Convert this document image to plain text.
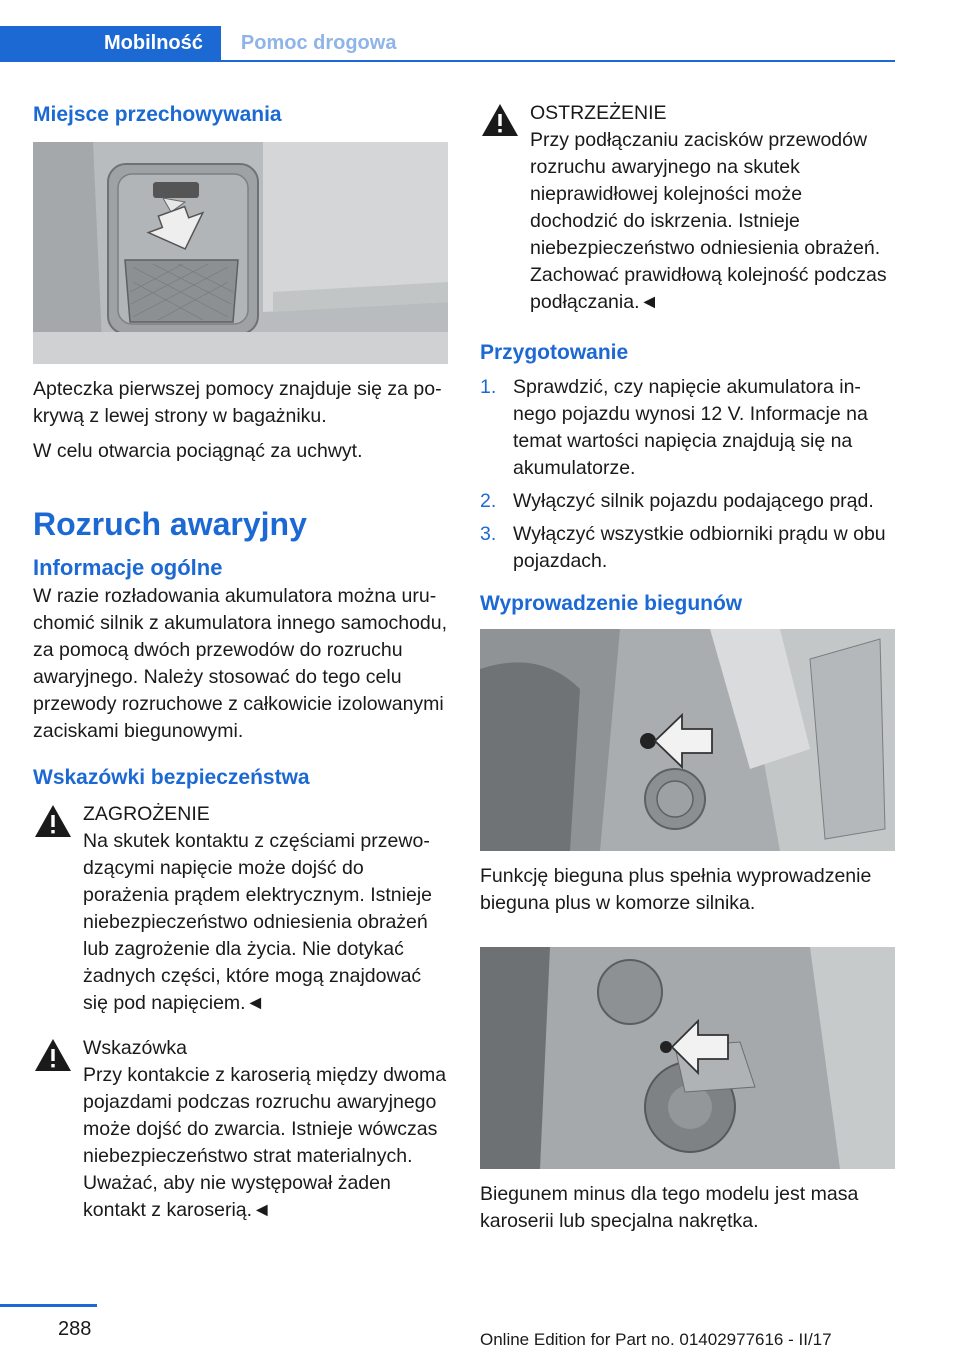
Mobilność	Pomoc drogowa
Miejsce przechowywania

Apteczka pierwszej pomocy znajduje się za pokrywą z lewej strony w bagażniku.

W celu otwarcia pociągnąć za uchwyt.

Rozruch awaryjny
Informacje ogólne

W razie rozładowania akumulatora można uruchomić silnik z akumulatora innego samochodu, za pomocą dwóch przewodów do rozruchu awaryjnego. Należy stosować do tego celu przewody rozruchowe z całkowicie izolowanymi zaciskami biegunowymi.

Wskazówki bezpieczeństwa
ZAGROŻENIE
Na skutek kontaktu z częściami przewodzącymi napięcie może dojść do porażenia prądem elektrycznym. Istnieje niebezpieczeństwo odniesienia obrażeń lub zagrożenie dla życia. Nie dotykać żadnych części, które mogą znajdować się pod napięciem.◄
Wskazówka
Przy kontakcie z karoserią między dwoma pojazdami podczas rozruchu awaryjnego może dojść do zwarcia. Istnieje wówczas niebezpieczeństwo strat materialnych. Uważać, aby nie występował żaden kontakt z karoserią.◄
OSTRZEŻENIE
Przy podłączaniu zacisków przewodów rozruchu awaryjnego na skutek nieprawidłowej kolejności może dochodzić do iskrzenia. Istnieje niebezpieczeństwo odniesienia obrażeń. Zachować prawidłową kolejność podczas podłączania.◄
Przygotowanie
1. Sprawdzić, czy napięcie akumulatora innego pojazdu wynosi 12 V. Informacje na temat wartości napięcia znajdują się na akumulatorze.
2. Wyłączyć silnik pojazdu podającego prąd.
3. Wyłączyć wszystkie odbiorniki prądu w obu pojazdach.
Wyprowadzenie biegunów

Funkcję bieguna plus spełnia wyprowadzenie bieguna plus w komorze silnika.

Biegunem minus dla tego modelu jest masa karoserii lub specjalna nakrętka.

288	Online Edition for Part no. 01402977616 - II/17
